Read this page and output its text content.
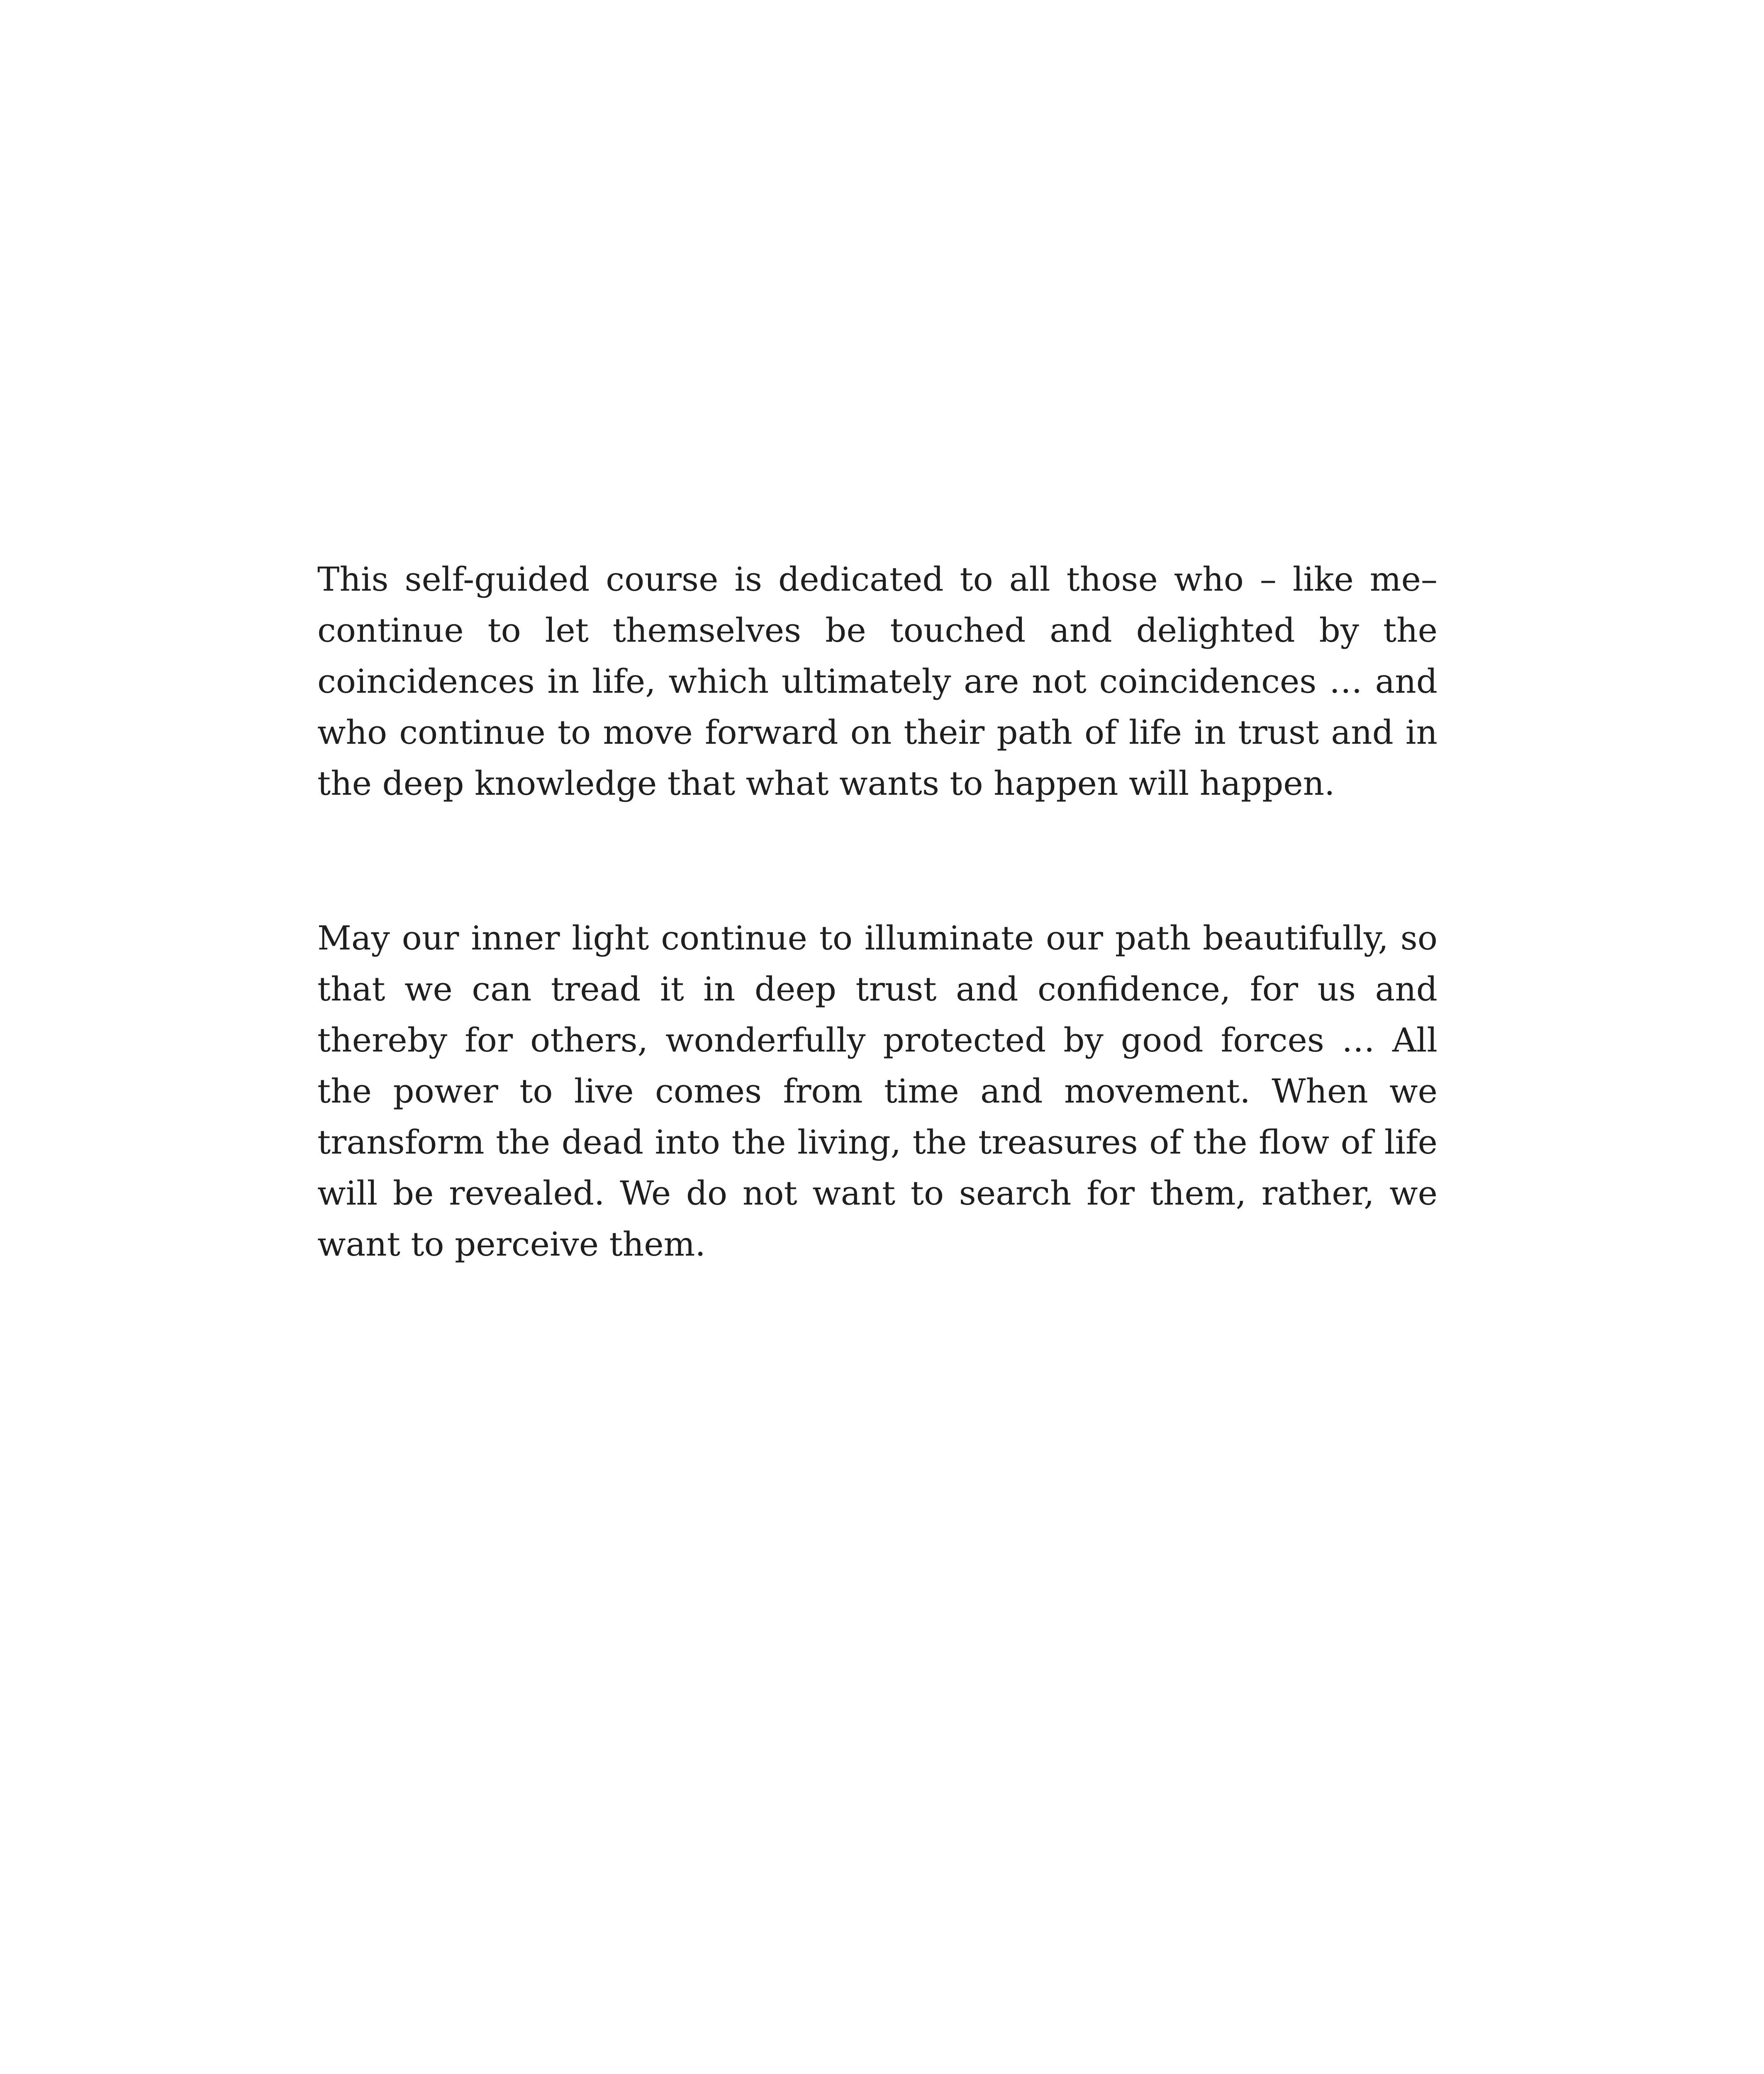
This self-guided course is dedicated to all those who – like me– continue to let themselves be touched and delighted by the coincidences in life, which ultimately are not coincidences … and who continue to move forward on their path of life in trust and in the deep knowledge that what wants to happen will happen.

May our inner light continue to illuminate our path beautifully, so that we can tread it in deep trust and confidence, for us and thereby for others, wonderfully protected by good forces … All the power to live comes from time and movement. When we transform the dead into the living, the treasures of the flow of life will be revealed. We do not want to search for them, rather, we want to perceive them.
